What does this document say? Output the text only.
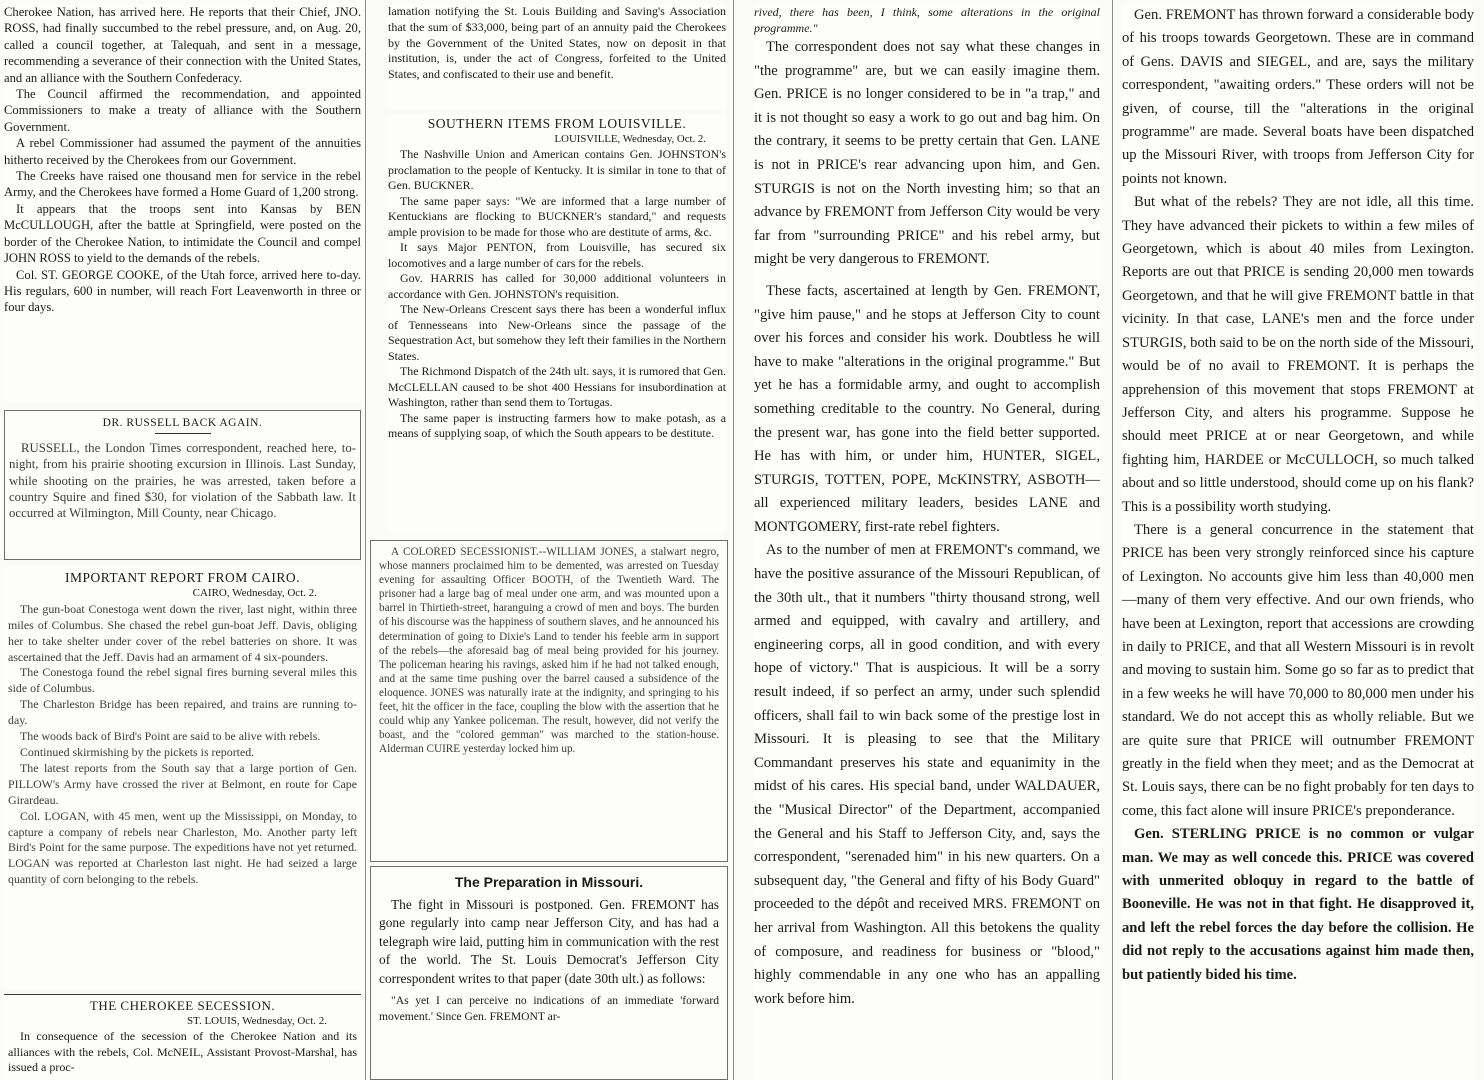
Cherokee Nation, has arrived here. He reports that their Chief, JNO. ROSS, had finally succumbed to the rebel pressure, and, on Aug. 20, called a council together, at Talequah, and sent in a message, recommending a severance of their connection with the United States, and an alliance with the Southern Confederacy.

The Council affirmed the recommendation, and appointed Commissioners to make a treaty of alliance with the Southern Government.

A rebel Commissioner had assumed the payment of the annuities hitherto received by the Cherokees from our Government.

The Creeks have raised one thousand men for service in the rebel Army, and the Cherokees have formed a Home Guard of 1,200 strong.

It appears that the troops sent into Kansas by BEN McCULLOUGH, after the battle at Springfield, were posted on the border of the Cherokee Nation, to intimidate the Council and compel JOHN ROSS to yield to the demands of the rebels.

Col. ST. GEORGE COOKE, of the Utah force, arrived here to-day. His regulars, 600 in number, will reach Fort Leavenworth in three or four days.

DR. RUSSELL BACK AGAIN.

RUSSELL, the London Times correspondent, reached here, to-night, from his prairie shooting excursion in Illinois. Last Sunday, while shooting on the prairies, he was arrested, taken before a country Squire and fined $30, for violation of the Sabbath law. It occurred at Wilmington, Mill County, near Chicago.

IMPORTANT REPORT FROM CAIRO.

CAIRO, Wednesday, Oct. 2.

The gun-boat Conestoga went down the river, last night, within three miles of Columbus. She chased the rebel gun-boat Jeff. Davis, obliging her to take shelter under cover of the rebel batteries on shore. It was ascertained that the Jeff. Davis had an armament of 4 six-pounders.

The Conestoga found the rebel signal fires burning several miles this side of Columbus.

The Charleston Bridge has been repaired, and trains are running to-day.

The woods back of Bird's Point are said to be alive with rebels.

Continued skirmishing by the pickets is reported.

The latest reports from the South say that a large portion of Gen. PILLOW's Army have crossed the river at Belmont, en route for Cape Girardeau.

Col. LOGAN, with 45 men, went up the Mississippi, on Monday, to capture a company of rebels near Charleston, Mo. Another party left Bird's Point for the same purpose. The expeditions have not yet returned. LOGAN was reported at Charleston last night. He had seized a large quantity of corn belonging to the rebels.

THE CHEROKEE SECESSION.

ST. LOUIS, Wednesday, Oct. 2.

In consequence of the secession of the Cherokee Nation and its alliances with the rebels, Col. McNEIL, Assistant Provost-Marshal, has issued a proc-

lamation notifying the St. Louis Building and Saving's Association that the sum of $33,000, being part of an annuity paid the Cherokees by the Government of the United States, now on deposit in that institution, is, under the act of Congress, forfeited to the United States, and confiscated to their use and benefit.

SOUTHERN ITEMS FROM LOUISVILLE.

LOUISVILLE, Wednesday, Oct. 2.

The Nashville Union and American contains Gen. JOHNSTON's proclamation to the people of Kentucky. It is similar in tone to that of Gen. BUCKNER.

The same paper says: "We are informed that a large number of Kentuckians are flocking to BUCKNER's standard," and requests ample provision to be made for those who are destitute of arms, &c.

It says Major PENTON, from Louisville, has secured six locomotives and a large number of cars for the rebels.

Gov. HARRIS has called for 30,000 additional volunteers in accordance with Gen. JOHNSTON's requisition.

The New-Orleans Crescent says there has been a wonderful influx of Tennesseans into New-Orleans since the passage of the Sequestration Act, but somehow they left their families in the Northern States.

The Richmond Dispatch of the 24th ult. says, it is rumored that Gen. McCLELLAN caused to be shot 400 Hessians for insubordination at Washington, rather than send them to Tortugas.

The same paper is instructing farmers how to make potash, as a means of supplying soap, of which the South appears to be destitute.

A COLORED SECESSIONIST.--WILLIAM JONES, a stalwart negro, whose manners proclaimed him to be demented, was arrested on Tuesday evening for assaulting Officer BOOTH, of the Twentieth Ward. The prisoner had a large bag of meal under one arm, and was mounted upon a barrel in Thirtieth-street, haranguing a crowd of men and boys. The burden of his discourse was the happiness of southern slaves, and he announced his determination of going to Dixie's Land to tender his feeble arm in support of the rebels—the aforesaid bag of meal being provided for his journey. The policeman hearing his ravings, asked him if he had not talked enough, and at the same time pushing over the barrel caused a subsidence of the eloquence. JONES was naturally irate at the indignity, and springing to his feet, hit the officer in the face, coupling the blow with the assertion that he could whip any Yankee policeman. The result, however, did not verify the boast, and the "colored gemman" was marched to the station-house. Alderman CUIRE yesterday locked him up.

The Preparation in Missouri.

The fight in Missouri is postponed. Gen. FREMONT has gone regularly into camp near Jefferson City, and has had a telegraph wire laid, putting him in communication with the rest of the world. The St. Louis Democrat's Jefferson City correspondent writes to that paper (date 30th ult.) as follows:

"As yet I can perceive no indications of an immediate 'forward movement.' Since Gen. FREMONT ar-

rived, there has been, I think, some alterations in the original programme."

The correspondent does not say what these changes in "the programme" are, but we can easily imagine them. Gen. PRICE is no longer considered to be in "a trap," and it is not thought so easy a work to go out and bag him. On the contrary, it seems to be pretty certain that Gen. LANE is not in PRICE's rear advancing upon him, and Gen. STURGIS is not on the North investing him; so that an advance by FREMONT from Jefferson City would be very far from "surrounding PRICE" and his rebel army, but might be very dangerous to FREMONT.

These facts, ascertained at length by Gen. FREMONT, "give him pause," and he stops at Jefferson City to count over his forces and consider his work. Doubtless he will have to make "alterations in the original programme." But yet he has a formidable army, and ought to accomplish something creditable to the country. No General, during the present war, has gone into the field better supported. He has with him, or under him, HUNTER, SIGEL, STURGIS, TOTTEN, POPE, McKINSTRY, ASBOTH—all experienced military leaders, besides LANE and MONTGOMERY, first-rate rebel fighters.

As to the number of men at FREMONT's command, we have the positive assurance of the Missouri Republican, of the 30th ult., that it numbers "thirty thousand strong, well armed and equipped, with cavalry and artillery, and engineering corps, all in good condition, and with every hope of victory." That is auspicious. It will be a sorry result indeed, if so perfect an army, under such splendid officers, shall fail to win back some of the prestige lost in Missouri. It is pleasing to see that the Military Commandant preserves his state and equanimity in the midst of his cares. His special band, under WALDAUER, the "Musical Director" of the Department, accompanied the General and his Staff to Jefferson City, and, says the correspondent, "serenaded him" in his new quarters. On a subsequent day, "the General and fifty of his Body Guard" proceeded to the dépôt and received MRS. FREMONT on her arrival from Washington. All this betokens the quality of composure, and readiness for business or "blood," highly commendable in any one who has an appalling work before him.

Gen. FREMONT has thrown forward a considerable body of his troops towards Georgetown. These are in command of Gens. DAVIS and SIEGEL, and are, says the military correspondent, "awaiting orders." These orders will not be given, of course, till the "alterations in the original programme" are made. Several boats have been dispatched up the Missouri River, with troops from Jefferson City for points not known.

But what of the rebels? They are not idle, all this time. They have advanced their pickets to within a few miles of Georgetown, which is about 40 miles from Lexington. Reports are out that PRICE is sending 20,000 men towards Georgetown, and that he will give FREMONT battle in that vicinity. In that case, LANE's men and the force under STURGIS, both said to be on the north side of the Missouri, would be of no avail to FREMONT. It is perhaps the apprehension of this movement that stops FREMONT at Jefferson City, and alters his programme. Suppose he should meet PRICE at or near Georgetown, and while fighting him, HARDEE or McCULLOCH, so much talked about and so little understood, should come up on his flank? This is a possibility worth studying.

There is a general concurrence in the statement that PRICE has been very strongly reinforced since his capture of Lexington. No accounts give him less than 40,000 men—many of them very effective. And our own friends, who have been at Lexington, report that accessions are crowding in daily to PRICE, and that all Western Missouri is in revolt and moving to sustain him. Some go so far as to predict that in a few weeks he will have 70,000 to 80,000 men under his standard. We do not accept this as wholly reliable. But we are quite sure that PRICE will outnumber FREMONT greatly in the field when they meet; and as the Democrat at St. Louis says, there can be no fight probably for ten days to come, this fact alone will insure PRICE's preponderance.

Gen. STERLING PRICE is no common or vulgar man. We may as well concede this. PRICE was covered with unmerited obloquy in regard to the battle of Booneville. He was not in that fight. He disapproved it, and left the rebel forces the day before the collision. He did not reply to the accusations against him made then, but patiently bided his time.
